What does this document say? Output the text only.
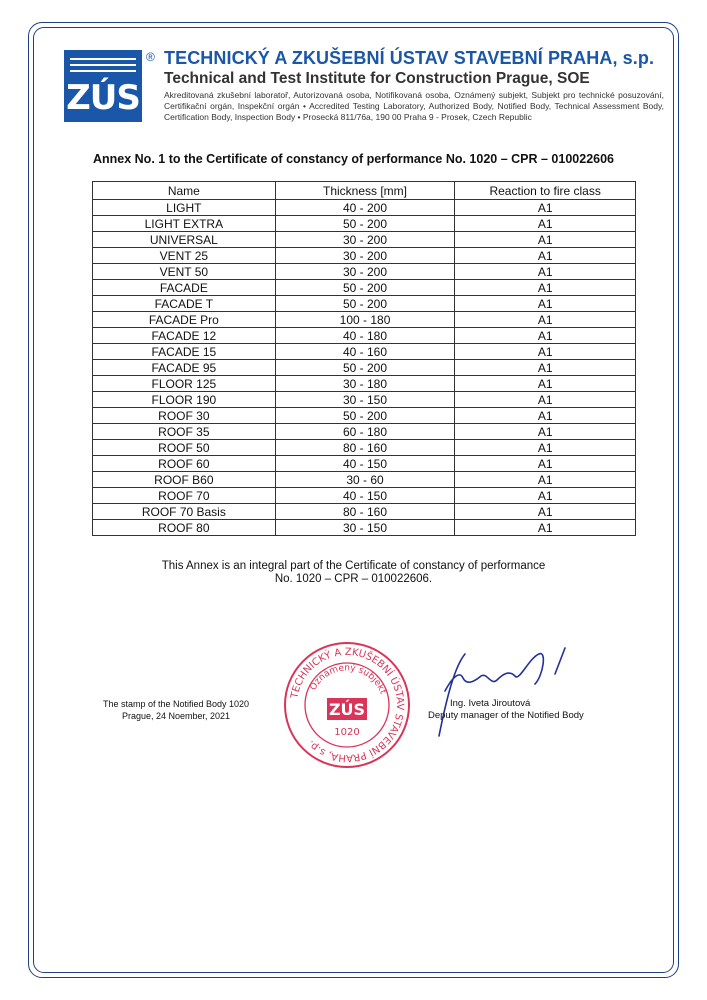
ZÚS
® TECHNICKÝ A ZKUŠEBNÍ ÚSTAV STAVEBNÍ PRAHA, s.p.
Technical and Test Institute for Construction Prague, SOE
Akreditovaná zkušební laboratoř, Autorizovaná osoba, Notifikovaná osoba, Oznámený subjekt, Subjekt pro technické posuzování, Certifikační orgán, Inspekční orgán • Accredited Testing Laboratory, Authorized Body, Notified Body, Technical Assessment Body, Certification Body, Inspection Body • Prosecká 811/76a, 190 00 Praha 9 - Prosek, Czech Republic
Annex No. 1 to the Certificate of constancy of performance No. 1020 – CPR – 010022606
Name	Thickness [mm]	Reaction to fire class
LIGHT	40 - 200	A1
LIGHT EXTRA	50 - 200	A1
UNIVERSAL	30 - 200	A1
VENT 25	30 - 200	A1
VENT 50	30 - 200	A1
FACADE	50 - 200	A1
FACADE T	50 - 200	A1
FACADE Pro	100 - 180	A1
FACADE 12	40 - 180	A1
FACADE 15	40 - 160	A1
FACADE 95	50 - 200	A1
FLOOR 125	30 - 180	A1
FLOOR 190	30 - 150	A1
ROOF 30	50 - 200	A1
ROOF 35	60 - 180	A1
ROOF 50	80 - 160	A1
ROOF 60	40 - 150	A1
ROOF B60	30 - 60	A1
ROOF 70	40 - 150	A1
ROOF 70 Basis	80 - 160	A1
ROOF 80	30 - 150	A1
This Annex is an integral part of the Certificate of constancy of performance
No. 1020 – CPR – 010022606.
The stamp of the Notified Body 1020
Prague, 24 Noember, 2021
TECHNICKÝ A ZKUŠEBNÍ ÚSTAV STAVEBNÍ PRAHA, s.p.
Oznámený subjekt
ZÚS
1020
Ing. Iveta Jiroutová
Deputy manager of the Notified Body
